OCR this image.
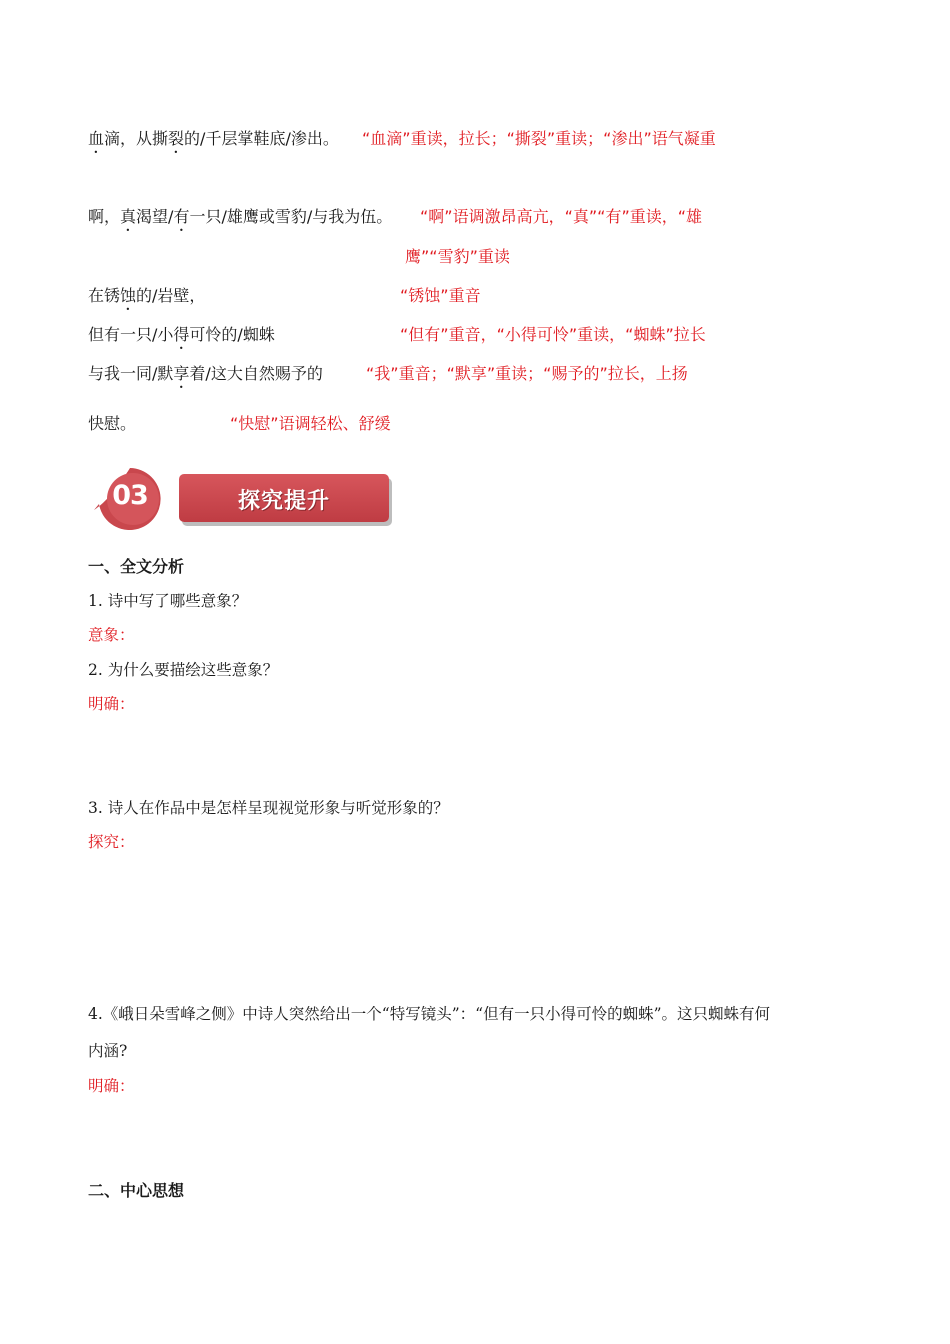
血滴，从撕裂的/千层掌鞋底/渗出。 “血滴”重读，拉长；“撕裂”重读；“渗出”语气凝重
啊，真渴望/有一只/雄鹰或雪豹/与我为伍。 “啊”语调激昂高亢，“真”“有”重读，“雄
鹰”“雪豹”重读
在锈蚀的/岩壁，	“锈蚀”重音
但有一只/小得可怜的/蜘蛛	“但有”重音，“小得可怜”重读，“蜘蛛”拉长
与我一同/默享着/这大自然赐予的	“我”重音；“默享”重读；“赐予的”拉长，上扬
快慰。	“快慰”语调轻松、舒缓
03	探究提升
一、全文分析
1. 诗中写了哪些意象？
意象：
2. 为什么要描绘这些意象？
明确：
3. 诗人在作品中是怎样呈现视觉形象与听觉形象的？
探究：
4.《峨日朵雪峰之侧》中诗人突然给出一个“特写镜头”：“但有一只小得可怜的蜘蛛”。这只蜘蛛有何
内涵?
明确：
二、中心思想
